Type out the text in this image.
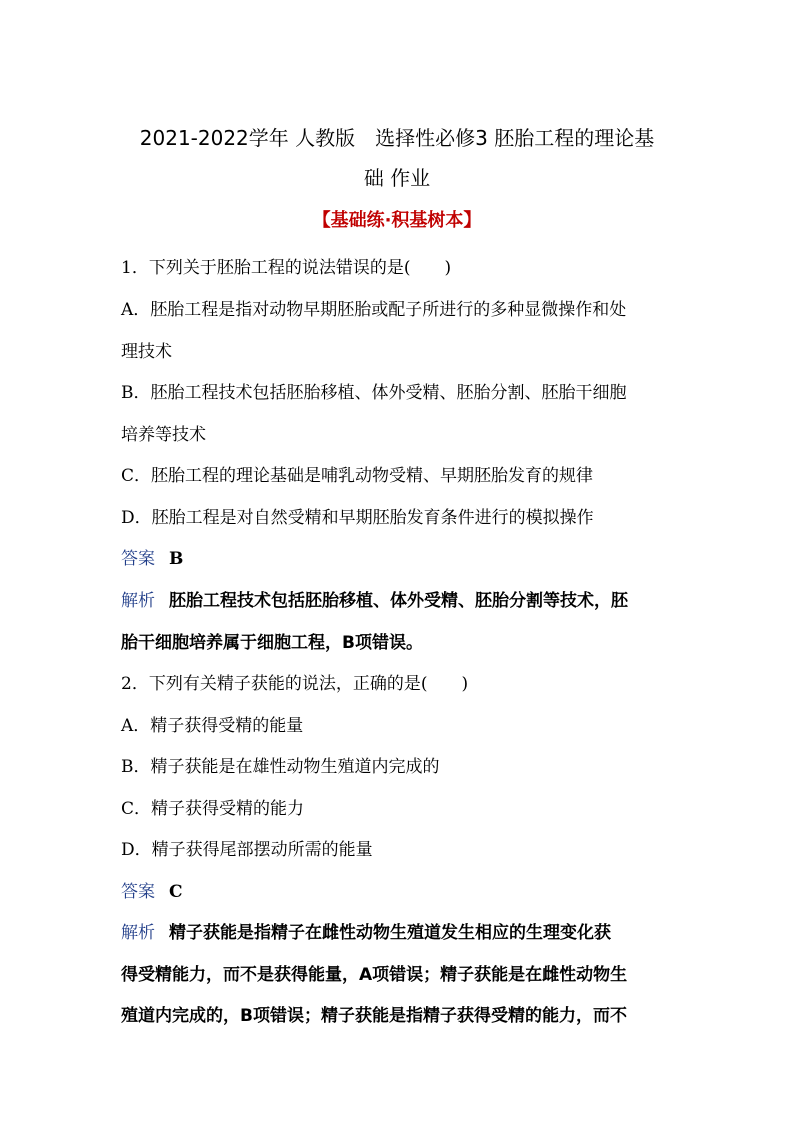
2021-2022学年 人教版　选择性必修3 胚胎工程的理论基
础 作业
【基础练·积基树本】
1．下列关于胚胎工程的说法错误的是(　　)
A．胚胎工程是指对动物早期胚胎或配子所进行的多种显微操作和处
理技术
B．胚胎工程技术包括胚胎移植、体外受精、胚胎分割、胚胎干细胞
培养等技术
C．胚胎工程的理论基础是哺乳动物受精、早期胚胎发育的规律
D．胚胎工程是对自然受精和早期胚胎发育条件进行的模拟操作
答案 B
解析 胚胎工程技术包括胚胎移植、体外受精、胚胎分割等技术，胚
胎干细胞培养属于细胞工程，B项错误。
2．下列有关精子获能的说法，正确的是(　　)
A．精子获得受精的能量
B．精子获能是在雄性动物生殖道内完成的
C．精子获得受精的能力
D．精子获得尾部摆动所需的能量
答案 C
解析 精子获能是指精子在雌性动物生殖道发生相应的生理变化获
得受精能力，而不是获得能量，A项错误；精子获能是在雌性动物生
殖道内完成的，B项错误；精子获能是指精子获得受精的能力，而不
